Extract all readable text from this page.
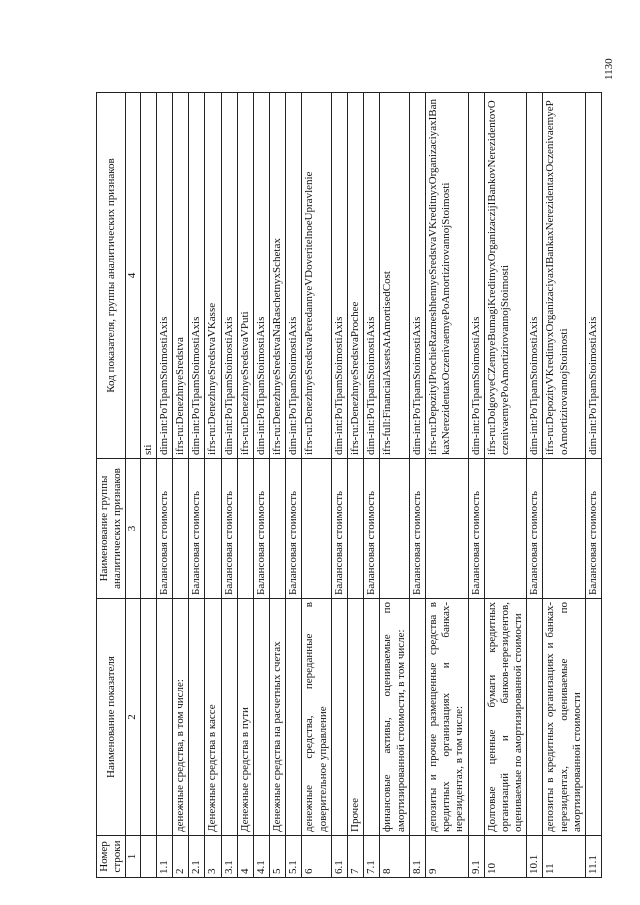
1130
Номер строки	Наименование показателя	Наименование группы аналитических признаков	Код показателя, группы аналитических признаков
1	2	3	4
			sti
1.1		Балансовая стоимость	dim-int:PoTipamStoimostiAxis
2	денежные средства, в том числе:		ifrs-ru:DenezhnyeSredstva
2.1		Балансовая стоимость	dim-int:PoTipamStoimostiAxis
3	Денежные средства в кассе		ifrs-ru:DenezhnyeSredstvaVKasse
3.1		Балансовая стоимость	dim-int:PoTipamStoimostiAxis
4	Денежные средства в пути		ifrs-ru:DenezhnyeSredstvaVPuti
4.1		Балансовая стоимость	dim-int:PoTipamStoimostiAxis
5	Денежные средства на расчетных счетах		ifrs-ru:DenezhnyeSredstvaNaRaschetnyxSchetax
5.1		Балансовая стоимость	dim-int:PoTipamStoimostiAxis
6	денежные средства, переданные в доверительное управление		ifrs-ru:DenezhnyeSredstvaPeredannyeVDoveritelnoeUpravlenie
6.1		Балансовая стоимость	dim-int:PoTipamStoimostiAxis
7	Прочее		ifrs-ru:DenezhnyeSredstvaProchee
7.1		Балансовая стоимость	dim-int:PoTipamStoimostiAxis
8	финансовые активы, оцениваемые по амортизированной стоимости, в том числе:		ifrs-full:FinancialAssetsAtAmortisedCost
8.1		Балансовая стоимость	dim-int:PoTipamStoimostiAxis
9	депозиты и прочие размещенные средства в кредитных организациях и банках-нерезидентах, в том числе:		ifrs-ru:DepozityIProchieRazmeshhennyeSredstvaVKreditnyxOrganizaciyaxIBankaxNerezidentaxOczenivaemyePoAmortizirovannojStoimosti
9.1		Балансовая стоимость	dim-int:PoTipamStoimostiAxis
10	Долговые ценные бумаги кредитных организаций и банков-нерезидентов, оцениваемые по амортизированной стоимости		ifrs-ru:DolgovyeCZennyeBumagiKreditnyxOrganizaczijIBankovNerezidentovOczenivaemyePoAmortizirovannojStoimosti
10.1		Балансовая стоимость	dim-int:PoTipamStoimostiAxis
11	депозиты в кредитных организациях и банках-нерезидентах, оцениваемые по амортизированной стоимости		ifrs-ru:DepozityVKreditnyxOrganizaciyaxIBankaxNerezidentaxOczenivaemyePoAmortizirovannojStoimosti
11.1		Балансовая стоимость	dim-int:PoTipamStoimostiAxis
